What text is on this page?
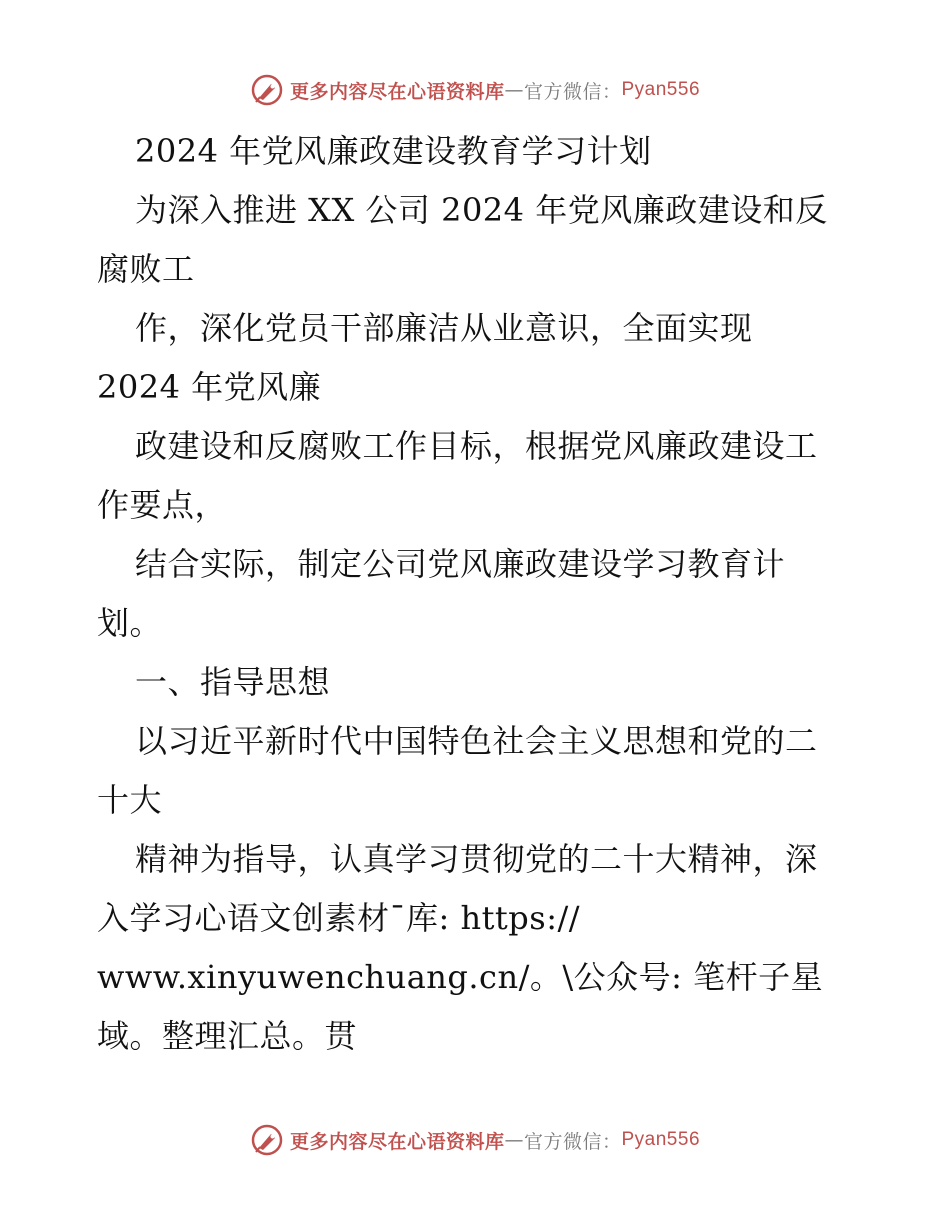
更多内容尽在心语资料库 — 官方微信： Pyan556
2024 年党风廉政建设教育学习计划
为深入推进 XX 公司 2024 年党风廉政建设和反
腐败工
作，深化党员干部廉洁从业意识，全面实现
2024 年党风廉
政建设和反腐败工作目标，根据党风廉政建设工
作要点，
结合实际，制定公司党风廉政建设学习教育计
划。
一、指导思想
以习近平新时代中国特色社会主义思想和党的二
十大
精神为指导，认真学习贯彻党的二十大精神，深
入学习心语文创素材¯库: https://
www.xinyuwenchuang.cn/。\公众号: 笔杆子星
域。整理汇总。贯
更多内容尽在心语资料库 — 官方微信： Pyan556
